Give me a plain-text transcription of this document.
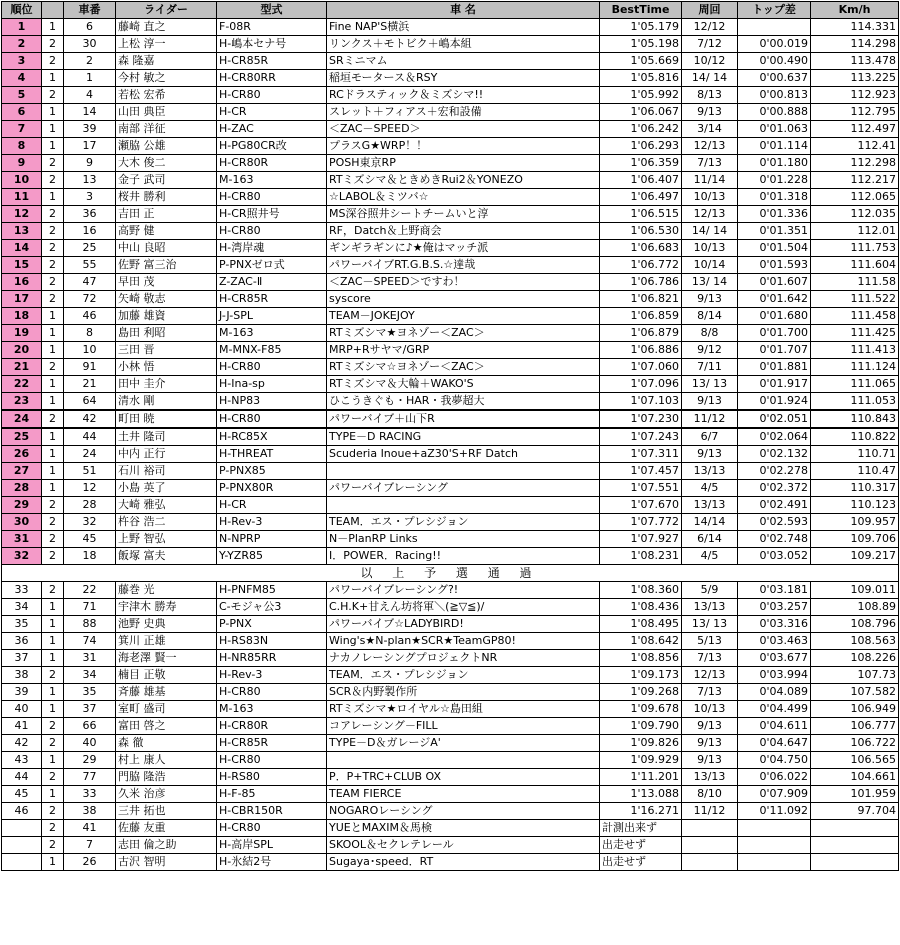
順位		車番	ライダー	型式	車 名	BestTime	周回	トップ差	Km/h
1	1	6	藤崎 直之	F-08R	Fine NAP'S横浜	1'05.179	12/12		114.331
2	2	30	上松 淳一	H-嶋本セナ号	リンクス＋モトビク＋嶋本組	1'05.198	7/12	0'00.019	114.298
3	2	2	森 隆嘉	H-CR85R	SRミニマム	1'05.669	10/12	0'00.490	113.478
4	1	1	今村 敏之	H-CR80RR	稲垣モータース＆RSY	1'05.816	14/ 14	0'00.637	113.225
5	2	4	若松 宏希	H-CR80	RCドラスティック＆ミズシマ!!	1'05.992	8/13	0'00.813	112.923
6	1	14	山田 典臣	H-CR	スレット＋フィアス＋宏和設備	1'06.067	9/13	0'00.888	112.795
7	1	39	南部 洋征	H-ZAC	＜ZAC－SPEED＞	1'06.242	3/14	0'01.063	112.497
8	1	17	瀬脇 公雄	H-PG80CR改	プラスG★WRP！！	1'06.293	12/13	0'01.114	112.41
9	2	9	大木 俊二	H-CR80R	POSH東京RP	1'06.359	7/13	0'01.180	112.298
10	2	13	金子 武司	M-163	RTミズシマ＆ときめきRui2＆YONEZO	1'06.407	11/14	0'01.228	112.217
11	1	3	桜井 勝利	H-CR80	☆LABOL＆ミツバ☆	1'06.497	10/13	0'01.318	112.065
12	2	36	吉田 正	H-CR照井号	MS深谷照井シートチームいと淳	1'06.515	12/13	0'01.336	112.035
13	2	16	高野 健	H-CR80	RF，Datch＆上野商会	1'06.530	14/ 14	0'01.351	112.01
14	2	25	中山 良昭	H-湾岸魂	ギンギラギンに♪★俺はマッチ派	1'06.683	10/13	0'01.504	111.753
15	2	55	佐野 富三治	P-PNXゼロ式	パワーバイブRT.G.B.S.☆達哉	1'06.772	10/14	0'01.593	111.604
16	2	47	早田 茂	Z-ZAC-Ⅱ	＜ZAC－SPEED＞ですわ！	1'06.786	13/ 14	0'01.607	111.58
17	2	72	矢崎 敬志	H-CR85R	syscore	1'06.821	9/13	0'01.642	111.522
18	1	46	加藤 雄資	J-J-SPL	TEAM－JOKEJOY	1'06.859	8/14	0'01.680	111.458
19	1	8	島田 利昭	M-163	RTミズシマ★ヨネゾー＜ZAC＞	1'06.879	8/8	0'01.700	111.425
20	1	10	三田 晋	M-MNX-F85	MRP+Rサヤマ/GRP	1'06.886	9/12	0'01.707	111.413
21	2	91	小林 悟	H-CR80	RTミズシマ☆ヨネゾー＜ZAC＞	1'07.060	7/11	0'01.881	111.124
22	1	21	田中 圭介	H-Ina-sp	RTミズシマ＆大輪＋WAKO'S	1'07.096	13/ 13	0'01.917	111.065
23	1	64	清水 剛	H-NP83	ひこうきぐも・HAR・我夢超大	1'07.103	9/13	0'01.924	111.053
24	2	42	町田 暁	H-CR80	パワーバイブ＋山下R	1'07.230	11/12	0'02.051	110.843
25	1	44	土井 隆司	H-RC85X	TYPE－D RACING	1'07.243	6/7	0'02.064	110.822
26	1	24	中内 正行	H-THREAT	Scuderia Inoue+aZ30'S+RF Datch	1'07.311	9/13	0'02.132	110.71
27	1	51	石川 裕司	P-PNX85		1'07.457	13/13	0'02.278	110.47
28	1	12	小島 英了	P-PNX80R	パワーバイブレーシング	1'07.551	4/5	0'02.372	110.317
29	2	28	大崎 雅弘	H-CR		1'07.670	13/13	0'02.491	110.123
30	2	32	杵谷 浩二	H-Rev-3	TEAM．エス・プレシジョン	1'07.772	14/14	0'02.593	109.957
31	2	45	上野 智弘	N-NPRP	N－PlanRP Links	1'07.927	6/14	0'02.748	109.706
32	2	18	飯塚 富夫	Y-YZR85	I．POWER．Racing!!	1'08.231	4/5	0'03.052	109.217
以 上 予 選 通 過									
33	2	22	藤巻 光	H-PNFM85	パワーバイブレーシング?!	1'08.360	5/9	0'03.181	109.011
34	1	71	宇津木 勝寿	C-モジャ公3	C.H.K+甘えん坊将軍＼(≧▽≦)/	1'08.436	13/13	0'03.257	108.89
35	1	88	池野 史典	P-PNX	パワーバイブ☆LADYBIRD!	1'08.495	13/ 13	0'03.316	108.796
36	1	74	箕川 正雄	H-RS83N	Wing's★N-plan★SCR★TeamGP80!	1'08.642	5/13	0'03.463	108.563
37	1	31	海老澤 賢一	H-NR85RR	ナカノレーシングプロジェクトNR	1'08.856	7/13	0'03.677	108.226
38	2	34	楠目 正敬	H-Rev-3	TEAM．エス・プレシジョン	1'09.173	12/13	0'03.994	107.73
39	1	35	斉藤 雄基	H-CR80	SCR＆内野製作所	1'09.268	7/13	0'04.089	107.582
40	1	37	室町 盛司	M-163	RTミズシマ★ロイヤル☆島田組	1'09.678	10/13	0'04.499	106.949
41	2	66	富田 啓之	H-CR80R	コアレーシング－FILL	1'09.790	9/13	0'04.611	106.777
42	2	40	森 徹	H-CR85R	TYPE－D＆ガレージA'	1'09.826	9/13	0'04.647	106.722
43	1	29	村上 康人	H-CR80		1'09.929	9/13	0'04.750	106.565
44	2	77	門脇 隆浩	H-RS80	P．P+TRC+CLUB OX	1'11.201	13/13	0'06.022	104.661
45	1	33	久米 治彦	H-F-85	TEAM FIERCE	1'13.088	8/10	0'07.909	101.959
46	2	38	三井 拓也	H-CBR150R	NOGAROレーシング	1'16.271	11/12	0'11.092	97.704
	2	41	佐藤 友重	H-CR80	YUEとMAXIM＆馬検	計測出来ず			
	2	7	志田 倫之助	H-高岸SPL	SKOOL＆セクレテレール	出走せず			
	1	26	古沢 智明	H-氷結2号	Sugaya･speed．RT	出走せず			
